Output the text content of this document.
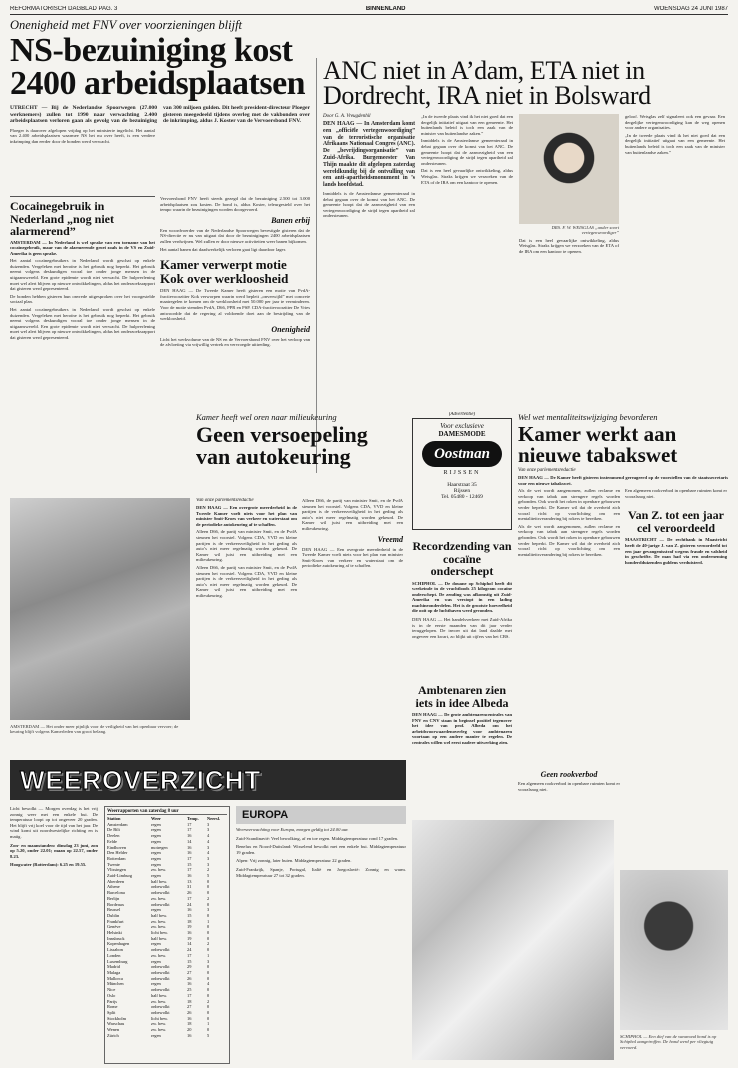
REFORMATORISCH DAGBLAD PAG. 3	BINNENLAND	WOENSDAG 24 JUNI 1987
Onenigheid met FNV over voorzieningen blijft
NS-bezuiniging kost 2400 arbeidsplaatsen
UTRECHT — Bij de Nederlandse Spoorwegen (27.000 werknemers) zullen tot 1990 naar verwachting 2.400 arbeidsplaatsen verloren gaan als gevolg van de bezuiniging van 300 miljoen gulden. Dit heeft president-directeur Ploeger gisteren meegedeeld tijdens overleg met de vakbonden over de inkrimping, aldus J. Koster van de Vervoersbond FNV.
Ploeger is daarover afgelopen vrijdag op het ministerie ingelicht. Het aantal van 2.400 arbeidsplaatsen waarmee NS het nu over heeft, is een verdere inkrimping dan eerder door de bonden werd verwacht.
Cocainegebruik in Nederland „nog niet alarmerend”
AMSTERDAM — In Nederland is wel sprake van een toename van het cocaïnegebruik, maar van de alarmerende groei zoals in de VS en Zuid-Amerika is geen sprake.
Het aantal cocaïnegebruikers in Nederland wordt geschat op enkele duizenden. Vergeleken met heroïne is het gebruik nog beperkt. Het gebruik neemt volgens deskundigen vooral toe onder jonge mensen in de uitgaanswereld. Een grote epidemie wordt niet verwacht. De hulpverlening moet wel alert blijven op nieuwe ontwikkelingen, aldus het onderzoeksrapport dat gisteren werd gepresenteerd.
De bonden hebben gisteren hun onvrede uitgesproken over het voorgestelde sociaal plan.
Het aantal cocaïnegebruikers in Nederland wordt geschat op enkele duizenden. Vergeleken met heroïne is het gebruik nog beperkt. Het gebruik neemt volgens deskundigen vooral toe onder jonge mensen in de uitgaanswereld. Een grote epidemie wordt niet verwacht. De hulpverlening moet wel alert blijven op nieuwe ontwikkelingen, aldus het onderzoeksrapport dat gisteren werd gepresenteerd.
Vervoersbond FNV heeft steeds gezegd dat de bezuiniging 2.500 tot 3.000 arbeidsplaatsen zou kosten. De bond is, aldus Koster, teleurgesteld over het tempo waarin de bezuinigingen worden doorgevoerd.
Banen erbij
Een woordvoerder van de Nederlandse Spoorwegen bevestigde gisteren dat de NS-directie er nu van uitgaat dat door de bezuinigingen 2400 arbeidsplaatsen zullen verdwijnen. Wel zullen er door nieuwe activiteiten weer banen bijkomen.
Het aantal banen dat daadwerkelijk verloren gaat ligt daardoor lager.
Kamer verwerpt motie Kok over werkloosheid
DEN HAAG — De Tweede Kamer heeft gisteren een motie van PvdA-fractievoorzitter Kok verworpen waarin werd bepleit „onverwijld” met concrete maatregelen te komen om de werkloosheid met 50.000 per jaar te verminderen. Voor de motie stemden PvdA, D66, PPR en PSP. CDA-fractievoorzitter De Vries antwoordde dat de regering al voldoende doet aan de bestrijding van de werkloosheid.
Onenigheid
Licht het werkvolume van de NS en de Vervoersbond FNV over het verloop van de afvloeiing via vrijwillig vertrek en vervroegde uittreding.
ANC niet in A’dam, ETA niet in Dordrecht, IRA niet in Bolsward
Door G. A. Vreugdenhil
DEN HAAG — In Amsterdam komt een „officiële vertegenwoordiging” van de terroristische organisatie Afrikaans Nationaal Congres (ANC). De „bevrijdingsorganisatie” van Zuid-Afrika. Burgemeester Van Thijn maakte dit afgelopen zaterdag wereldkundig bij de ontvulling van een anti-apartheidsmonument in ’s lands hoofdstad.
Inmiddels is de Amsterdamse gemeenteraad in debat gegaan over de komst van het ANC. De gemeente hoopt dat de aanwezigheid van een vertegenwoordiging de strijd tegen apartheid zal ondersteunen.
„In de tweede plaats vind ik het niet goed dat een dergelijk initiatief uitgaat van een gemeente. Het buitenlands beleid is toch een zaak van de minister van buitenlandse zaken.”
Inmiddels is de Amsterdamse gemeenteraad in debat gegaan over de komst van het ANC. De gemeente hoopt dat de aanwezigheid van een vertegenwoordiging de strijd tegen apartheid zal ondersteunen.
Dat is een heel gevaarlijke ontwikkeling, aldus Weisglas. Straks krijgen we verzoeken van de ETA of de IRA om een kantoor te openen.
DRS. F. W. WEISGLAS „ander soort vertegenwoordiger”
Dat is een heel gevaarlijke ontwikkeling, aldus Weisglas. Straks krijgen we verzoeken van de ETA of de IRA om een kantoor te openen.
geloof. Weisglas zelf signaleert ook een gevaar. Een dergelijke vertegenwoordiging kan de weg openen voor andere organisaties.
„In de tweede plaats vind ik het niet goed dat een dergelijk initiatief uitgaat van een gemeente. Het buitenlands beleid is toch een zaak van de minister van buitenlandse zaken.”
Kamer heeft wel oren naar milieukeuring
Geen versoepeling van autokeuring
AMSTERDAM — Het onder meer pijnlijk voor de veiligheid van het openbaar vervoer; de keuring blijft volgens Kamerleden van groot belang.
Van onze parlementsredactie
DEN HAAG — Een overgrote meerderheid in de Tweede Kamer voelt niets voor het plan van minister Smit-Kroes van verkeer en waterstaat om de periodieke autokeuring af te schaffen.
Alleen D66, de partij van minister Smit, en de PvdA steunen het voorstel. Volgens CDA, VVD en kleine partijen is de verkeersveiligheid in het geding als auto’s niet meer regelmatig worden gekeurd. De Kamer wil juist een uitbreiding met een milieukeuring.
Alleen D66, de partij van minister Smit, en de PvdA steunen het voorstel. Volgens CDA, VVD en kleine partijen is de verkeersveiligheid in het geding als auto’s niet meer regelmatig worden gekeurd. De Kamer wil juist een uitbreiding met een milieukeuring.
Alleen D66, de partij van minister Smit, en de PvdA steunen het voorstel. Volgens CDA, VVD en kleine partijen is de verkeersveiligheid in het geding als auto’s niet meer regelmatig worden gekeurd. De Kamer wil juist een uitbreiding met een milieukeuring.
Vreemd
DEN HAAG — Een overgrote meerderheid in de Tweede Kamer voelt niets voor het plan van minister Smit-Kroes van verkeer en waterstaat om de periodieke autokeuring af te schaffen.
(Advertentie)
Voor exclusieve
DAMESMODE
Oostman
RIJSSEN
Haarstraat 35
Rijssen
Tel. 05480 - 12469
Recordzending van cocaïne onderschept
SCHIPHOL — De douane op Schiphol heeft dit weekeinde in de vrachtloods 25 kilogram cocaïne onderschept. De zending was afkomstig uit Zuid-Amerika en was verstopt in een lading machineonderdelen. Het is de grootste hoeveelheid die ooit op de luchthaven werd gevonden.
DEN HAAG — Het handelsverkeer met Zuid-Afrika is in de eerste maanden van dit jaar verder teruggelopen. De invoer uit dat land daalde met ongeveer een kwart, zo blijkt uit cijfers van het CBS.
Wel wet mentaliteitswijziging bevorderen
Kamer werkt aan nieuwe tabakswet
Van onze parlementsredactie
DEN HAAG — De Kamer heeft gisteren instemmend gereageerd op de voorstellen van de staatssecretaris voor een nieuwe tabakswet.
Als de wet wordt aangenomen, zullen reclame en verkoop van tabak aan strengere regels worden gebonden. Ook wordt het roken in openbare gebouwen verder beperkt. De Kamer wil dat de overheid zich vooral richt op voorlichting om een mentaliteitsverandering bij rokers te bereiken.
Als de wet wordt aangenomen, zullen reclame en verkoop van tabak aan strengere regels worden gebonden. Ook wordt het roken in openbare gebouwen verder beperkt. De Kamer wil dat de overheid zich vooral richt op voorlichting om een mentaliteitsverandering bij rokers te bereiken.
Een algemeen rookverbod in openbare ruimten komt er vooralsnog niet.
Van Z. tot een jaar cel veroordeeld
MAASTRICHT — De rechtbank in Maastricht heeft de 40-jarige J. van Z. gisteren veroordeeld tot een jaar gevangenisstraf wegens fraude en valsheid in geschrifte. De man had via een onderneming honderdduizenden guldens verduisterd.
Ambtenaren zien iets in idee Albeda
DEN HAAG — De grote ambtenarencentrales van FNV en CNV staan in beginsel positief tegenover het idee van prof. Albeda om het arbeidsvoorwaardenoverleg voor ambtenaren voortaan op een andere manier te regelen. De centrales willen wel eerst nadere uitwerking zien.
Geen rookverbod
Een algemeen rookverbod in openbare ruimten komt er vooralsnog niet.
WEEROVERZICHT
Licht bewolkt — Morgen overdag is het vrij zonnig weer met een enkele bui. De temperatuur loopt op tot ongeveer 20 graden. Het blijft vrij koel voor de tijd van het jaar. De wind komt uit noordwestelijke richting en is matig.
Zon- en maanstanden: dinsdag 23 juni, zon op 5.20, onder 22.01; maan op 22.57, onder 8.23.
Hoogwater (Rotterdam): 6.25 en 19.55.
Weerrapporten van zaterdag 8 uur
Station	Weer	Temp.	Neersl.
Amsterdam	regen	17	3
De Bilt	regen	17	3
Deelen	regen	16	4
Eelde	regen	14	4
Eindhoven	motregen	16	3
Den Helder	regen	16	4
Rotterdam	regen	17	3
Twente	regen	15	3
Vlissingen	zw. bew.	17	2
Zuid-Limburg	regen	16	5
Aberdeen	half bew.	13	0
Athene	onbewolkt	31	0
Barcelona	onbewolkt	26	0
Berlijn	zw. bew.	17	2
Bordeaux	onbewolkt	24	0
Brussel	regen	16	3
Dublin	half bew.	15	0
Frankfurt	zw. bew.	18	1
Genève	zw. bew.	19	0
Helsinki	licht bew.	16	0
Innsbruck	half bew.	19	0
Kopenhagen	regen	14	2
Lissabon	onbewolkt	24	0
Londen	zw. bew.	17	1
Luxemburg	regen	15	3
Madrid	onbewolkt	29	0
Malaga	onbewolkt	27	0
Mallorca	onbewolkt	26	0
München	regen	16	4
Nice	onbewolkt	25	0
Oslo	half bew.	17	0
Parijs	zw. bew.	18	2
Rome	onbewolkt	27	0
Split	onbewolkt	26	0
Stockholm	licht bew.	16	0
Warschau	zw. bew.	18	1
Wenen	zw. bew.	20	0
Zürich	regen	16	5
EUROPA
Weersverwachting voor Europa, morgen geldig tot 24.00 uur.
Zuid-Scandinavië: Veel bewolking, af en toe regen. Middagtemperatuur rond 17 graden.
Benelux en Noord-Duitsland: Wisselend bewolkt met een enkele bui. Middagtemperatuur 19 graden.
Alpen: Vrij zonnig, later buien. Middagtemperatuur 22 graden.
Zuid-Frankrijk, Spanje, Portugal, Italië en Joegoslavië: Zonnig en warm. Middagtemperatuur 27 tot 32 graden.
SCHIPHOL — Een dief van de vanavond hond is op Schiphol aangetroffen. De hond werd per vliegtuig vervoerd.
